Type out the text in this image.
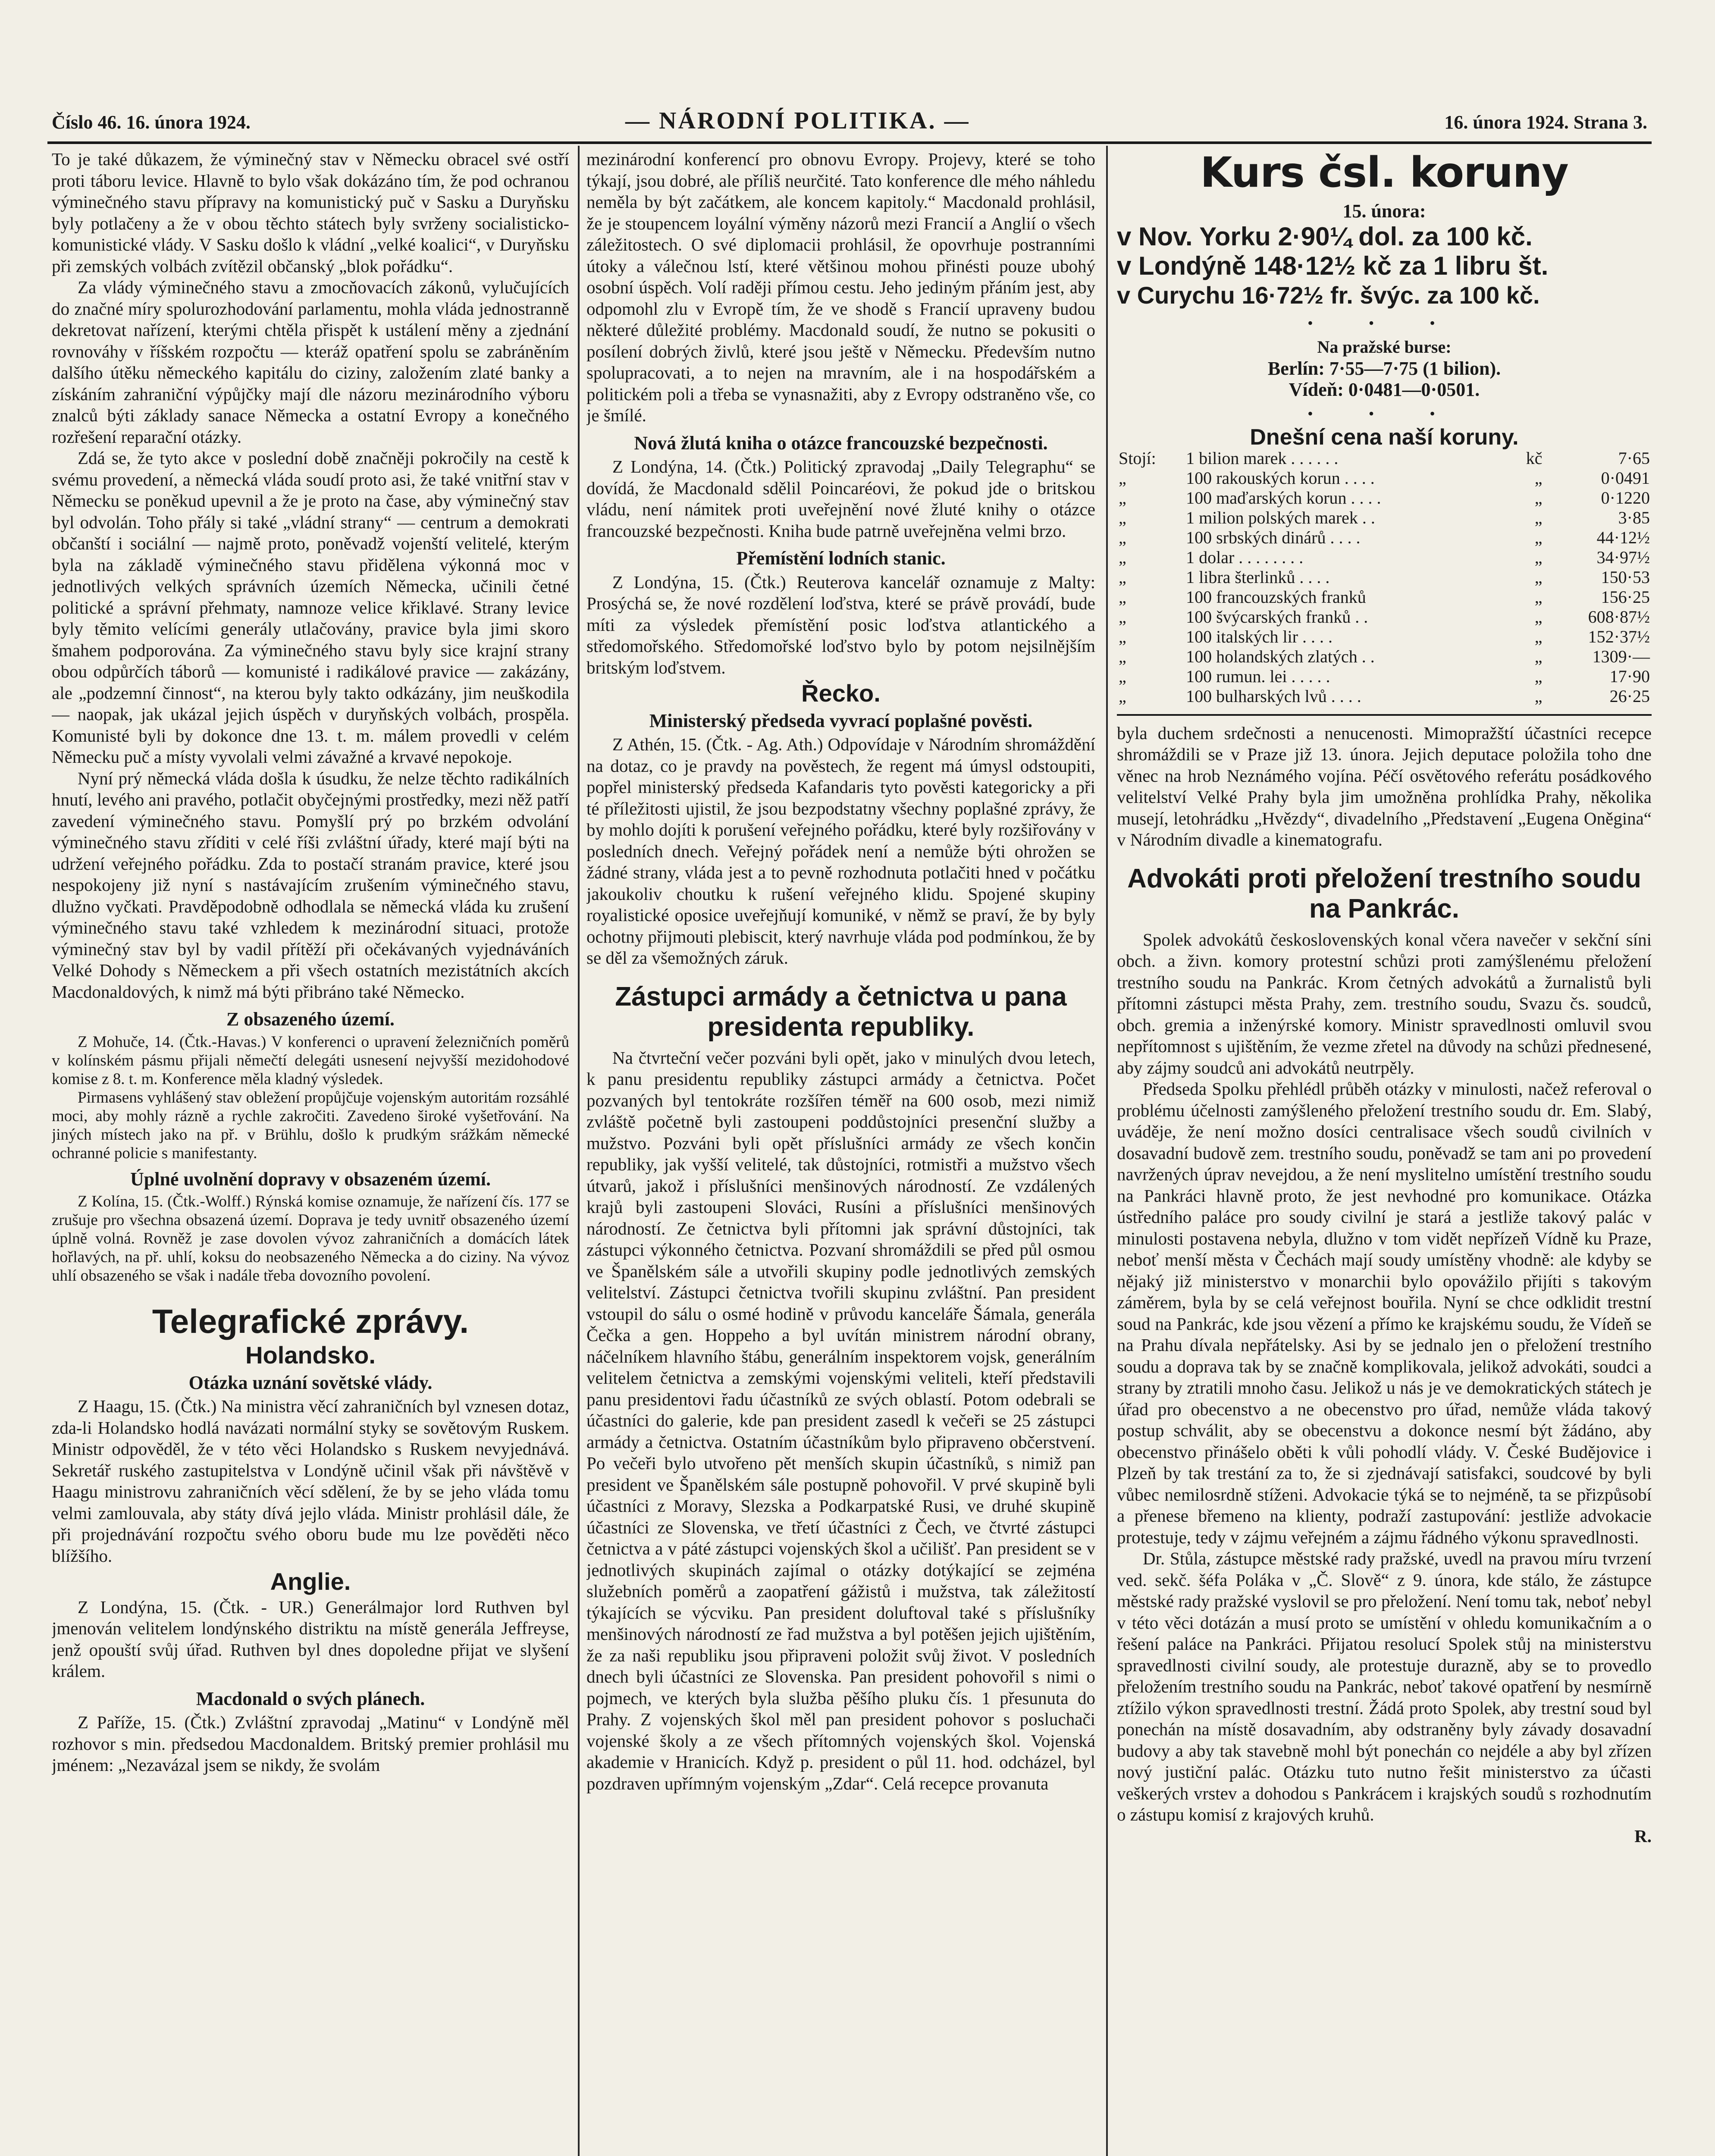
Číslo 46. 16. února 1924.	— NÁRODNÍ POLITIKA. —	16. února 1924. Strana 3.

To je také důkazem, že výminečný stav v Německu obracel své ostří proti táboru levice. Hlavně to bylo však dokázáno tím, že pod ochranou výminečného stavu přípravy na komunistický puč v Sasku a Duryňsku byly potlačeny a že v obou těchto státech byly svrženy socialisticko-komunistické vlády. V Sasku došlo k vládní „velké koalici“, v Duryňsku při zemských volbách zvítězil občanský „blok pořádku“.

Za vlády výminečného stavu a zmocňovacích zákonů, vylučujících do značné míry spolurozhodování parlamentu, mohla vláda jednostranně dekretovat nařízení, kterými chtěla přispět k ustálení měny a zjednání rovnováhy v říšském rozpočtu — kteráž opatření spolu se zabráněním dalšího útěku německého kapitálu do ciziny, založením zlaté banky a získáním zahraniční výpůjčky mají dle názoru mezinárodního výboru znalců býti základy sanace Německa a ostatní Evropy a konečného rozřešení reparační otázky.

Zdá se, že tyto akce v poslední době značněji pokročily na cestě k svému provedení, a německá vláda soudí proto asi, že také vnitřní stav v Německu se poněkud upevnil a že je proto na čase, aby výminečný stav byl odvolán. Toho přály si také „vládní strany“ — centrum a demokrati občanští i sociální — najmě proto, poněvadž vojenští velitelé, kterým byla na základě výminečného stavu přidělena výkonná moc v jednotlivých velkých správních územích Německa, učinili četné politické a správní přehmaty, namnoze velice křiklavé. Strany levice byly těmito velícími generály utlačovány, pravice byla jimi skoro šmahem podporována. Za výminečného stavu byly sice krajní strany obou odpůrčích táborů — komunisté i radikálové pravice — zakázány, ale „podzemní činnost“, na kterou byly takto odkázány, jim neuškodila — naopak, jak ukázal jejich úspěch v duryňských volbách, prospěla. Komunisté byli by dokonce dne 13. t. m. málem provedli v celém Německu puč a místy vyvolali velmi závažné a krvavé nepokoje.

Nyní prý německá vláda došla k úsudku, že nelze těchto radikálních hnutí, levého ani pravého, potlačit obyčejnými prostředky, mezi něž patří zavedení výminečného stavu. Pomyšlí prý po brzkém odvolání výminečného stavu zříditi v celé říši zvláštní úřady, které mají býti na udržení veřejného pořádku. Zda to postačí stranám pravice, které jsou nespokojeny již nyní s nastávajícím zrušením výminečného stavu, dlužno vyčkati. Pravděpodobně odhodlala se německá vláda ku zrušení výminečného stavu také vzhledem k mezinárodní situaci, protože výminečný stav byl by vadil přítěží při očekávaných vyjednáváních Velké Dohody s Německem a při všech ostatních mezistátních akcích Macdonaldových, k nimž má býti přibráno také Německo.

Z obsazeného území.

Z Mohuče, 14. (Čtk.-Havas.) V konferenci o upravení železničních poměrů v kolínském pásmu přijali němečtí delegáti usnesení nejvyšší mezidohodové komise z 8. t. m. Konference měla kladný výsledek.

Pirmasens vyhlášený stav obležení propůjčuje vojenským autoritám rozsáhlé moci, aby mohly rázně a rychle zakročiti. Zavedeno široké vyšetřování. Na jiných místech jako na př. v Brühlu, došlo k prudkým srážkám německé ochranné policie s manifestanty.

Úplné uvolnění dopravy v obsazeném území.

Z Kolína, 15. (Čtk.-Wolff.) Rýnská komise oznamuje, že nařízení čís. 177 se zrušuje pro všechna obsazená území. Doprava je tedy uvnitř obsazeného území úplně volná. Rovněž je zase dovolen vývoz zahraničních a domácích látek hořlavých, na př. uhlí, koksu do neobsazeného Německa a do ciziny. Na vývoz uhlí obsazeného se však i nadále třeba dovozního povolení.

Telegrafické zprávy.
Holandsko.
Otázka uznání sovětské vlády.

Z Haagu, 15. (Čtk.) Na ministra věcí zahraničních byl vznesen dotaz, zda-li Holandsko hodlá navázati normální styky se sovětovým Ruskem. Ministr odpověděl, že v této věci Holandsko s Ruskem nevyjednává. Sekretář ruského zastupitelstva v Londýně učinil však při návštěvě v Haagu ministrovu zahraničních věcí sdělení, že by se jeho vláda tomu velmi zamlouvala, aby státy dívá jejlo vláda. Ministr prohlásil dále, že při projednávání rozpočtu svého oboru bude mu lze pověděti něco blížšího.

Anglie.

Z Londýna, 15. (Čtk. - UR.) Generálmajor lord Ruthven byl jmenován velitelem londýnského distriktu na místě generála Jeffreyse, jenž opouští svůj úřad. Ruthven byl dnes dopoledne přijat ve slyšení králem.

Macdonald o svých plánech.

Z Paříže, 15. (Čtk.) Zvláštní zpravodaj „Matinu“ v Londýně měl rozhovor s min. předsedou Macdonaldem. Britský premier prohlásil mu jménem: „Nezavázal jsem se nikdy, že svolám

mezinárodní konferencí pro obnovu Evropy. Projevy, které se toho týkají, jsou dobré, ale příliš neurčité. Tato konference dle mého náhledu neměla by být začátkem, ale koncem kapitoly.“ Macdonald prohlásil, že je stoupencem loyální výměny názorů mezi Francií a Anglií o všech záležitostech. O své diplomacii prohlásil, že opovrhuje postranními útoky a válečnou lstí, které většinou mohou přinésti pouze ubohý osobní úspěch. Volí raději přímou cestu. Jeho jediným přáním jest, aby odpomohl zlu v Evropě tím, že ve shodě s Francií upraveny budou některé důležité problémy. Macdonald soudí, že nutno se pokusiti o posílení dobrých živlů, které jsou ještě v Německu. Především nutno spolupracovati, a to nejen na mravním, ale i na hospodářském a politickém poli a třeba se vynasnažiti, aby z Evropy odstraněno vše, co je šmílé.

Nová žlutá kniha o otázce francouzské bezpečnosti.

Z Londýna, 14. (Čtk.) Politický zpravodaj „Daily Telegraphu“ se dovídá, že Macdonald sdělil Poincaréovi, že pokud jde o britskou vládu, není námitek proti uveřejnění nové žluté knihy o otázce francouzské bezpečnosti. Kniha bude patrně uveřejněna velmi brzo.

Přemístění lodních stanic.

Z Londýna, 15. (Čtk.) Reuterova kancelář oznamuje z Malty: Prosýchá se, že nové rozdělení loďstva, které se právě provádí, bude míti za výsledek přemístění posic loďstva atlantického a středomořského. Středomořské loďstvo bylo by potom nejsilnějším britským loďstvem.

Řecko.
Ministerský předseda vyvrací poplašné pověsti.

Z Athén, 15. (Čtk. - Ag. Ath.) Odpovídaje v Národním shromáždění na dotaz, co je pravdy na pověstech, že regent má úmysl odstoupiti, popřel ministerský předseda Kafandaris tyto pověsti kategoricky a při té příležitosti ujistil, že jsou bezpodstatny všechny poplašné zprávy, že by mohlo dojíti k porušení veřejného pořádku, které byly rozšiřovány v posledních dnech. Veřejný pořádek není a nemůže býti ohrožen se žádné strany, vláda jest a to pevně rozhodnuta potlačiti hned v počátku jakoukoliv choutku k rušení veřejného klidu. Spojené skupiny royalistické oposice uveřejňují komuniké, v němž se praví, že by byly ochotny přijmouti plebiscit, který navrhuje vláda pod podmínkou, že by se děl za všemožných záruk.

Zástupci armády a četnictva u pana presidenta republiky.

Na čtvrteční večer pozváni byli opět, jako v minulých dvou letech, k panu presidentu republiky zástupci armády a četnictva. Počet pozvaných byl tentokráte rozšířen téměř na 600 osob, mezi nimiž zvláště početně byli zastoupeni poddůstojníci presenční služby a mužstvo. Pozváni byli opět příslušníci armády ze všech končin republiky, jak vyšší velitelé, tak důstojníci, rotmistři a mužstvo všech útvarů, jakož i příslušníci menšinových národností. Ze vzdálených krajů byli zastoupeni Slováci, Rusíni a příslušníci menšinových národností. Ze četnictva byli přítomni jak správní důstojníci, tak zástupci výkonného četnictva. Pozvaní shromáždili se před půl osmou ve Španělském sále a utvořili skupiny podle jednotlivých zemských velitelství. Zástupci četnictva tvořili skupinu zvláštní. Pan president vstoupil do sálu o osmé hodině v průvodu kanceláře Šámala, generála Čečka a gen. Hoppeho a byl uvítán ministrem národní obrany, náčelníkem hlavního štábu, generálním inspektorem vojsk, generálním velitelem četnictva a zemskými vojenskými veliteli, kteří představili panu presidentovi řadu účastníků ze svých oblastí. Potom odebrali se účastníci do galerie, kde pan president zasedl k večeři se 25 zástupci armády a četnictva. Ostatním účastníkům bylo připraveno občerstvení. Po večeři bylo utvořeno pět menších skupin účastníků, s nimiž pan president ve Španělském sále postupně pohovořil. V prvé skupině byli účastníci z Moravy, Slezska a Podkarpatské Rusi, ve druhé skupině účastníci ze Slovenska, ve třetí účastníci z Čech, ve čtvrté zástupci četnictva a v páté zástupci vojenských škol a učilišť. Pan president se v jednotlivých skupinách zajímal o otázky dotýkající se zejména služebních poměrů a zaopatření gážistů i mužstva, tak záležitostí týkajících se výcviku. Pan president doluftoval také s příslušníky menšinových národností ze řad mužstva a byl potěšen jejich ujištěním, že za naši republiku jsou připraveni položit svůj život. V posledních dnech byli účastníci ze Slovenska. Pan president pohovořil s nimi o pojmech, ve kterých byla služba pěšího pluku čís. 1 přesunuta do Prahy. Z vojenských škol měl pan president pohovor s posluchači vojenské školy a ze všech přítomných vojenských škol. Vojenská akademie v Hranicích. Když p. president o půl 11. hod. odcházel, byl pozdraven upřímným vojenským „Zdar“. Celá recepce provanuta

Kurs čsl. koruny
15. února:
v Nov. Yorku 2·90¼ dol. za 100 kč.
v Londýně 148·12½ kč za 1 libru št.
v Curychu 16·72½ fr. švýc. za 100 kč.
• • •
Na pražské burse:
Berlín: 7·55—7·75 (1 bilion).
Vídeň: 0·0481—0·0501.
• • •
Dnešní cena naší koruny.
Stojí:	1 bilion marek . . . . . .	kč	7·65
„	100 rakouských korun . . . .	„	0·0491
„	100 maďarských korun . . . .	„	0·1220
„	1 milion polských marek . .	„	3·85
„	100 srbských dinárů . . . .	„	44·12½
„	1 dolar . . . . . . . .	„	34·97½
„	1 libra šterlinků . . . .	„	150·53
„	100 francouzských franků	„	156·25
„	100 švýcarských franků . .	„	608·87½
„	100 italských lir . . . .	„	152·37½
„	100 holandských zlatých . .	„	1309·—
„	100 rumun. lei . . . . .	„	17·90
„	100 bulharských lvů . . . .	„	26·25

byla duchem srdečnosti a nenucenosti. Mimopražští účastníci recepce shromáždili se v Praze již 13. února. Jejich deputace položila toho dne věnec na hrob Neznámého vojína. Péčí osvětového referátu posádkového velitelství Velké Prahy byla jim umožněna prohlídka Prahy, několika musejí, letohrádku „Hvězdy“, divadelního „Představení „Eugena Oněgina“ v Národním divadle a kinematografu.

Advokáti proti přeložení trestního soudu na Pankrác.

Spolek advokátů československých konal včera navečer v sekční síni obch. a živn. komory protestní schůzi proti zamýšlenému přeložení trestního soudu na Pankrác. Krom četných advokátů a žurnalistů byli přítomni zástupci města Prahy, zem. trestního soudu, Svazu čs. soudců, obch. gremia a inženýrské komory. Ministr spravedlnosti omluvil svou nepřítomnost s ujištěním, že vezme zřetel na důvody na schůzi přednesené, aby zájmy soudců ani advokátů neutrpěly.

Předseda Spolku přehlédl průběh otázky v minulosti, načež referoval o problému účelnosti zamýšleného přeložení trestního soudu dr. Em. Slabý, uváděje, že není možno dosíci centralisace všech soudů civilních v dosavadní budově zem. trestního soudu, poněvadž se tam ani po provedení navržených úprav nevejdou, a že není myslitelno umístění trestního soudu na Pankráci hlavně proto, že jest nevhodné pro komunikace. Otázka ústředního paláce pro soudy civilní je stará a jestliže takový palác v minulosti postavena nebyla, dlužno v tom vidět nepřízeň Vídně ku Praze, neboť menší města v Čechách mají soudy umístěny vhodně: ale kdyby se nějaký již ministerstvo v monarchii bylo opovážilo přijíti s takovým záměrem, byla by se celá veřejnost bouřila. Nyní se chce odklidit trestní soud na Pankrác, kde jsou vězení a přímo ke krajskému soudu, že Vídeň se na Prahu dívala nepřátelsky. Asi by se jednalo jen o přeložení trestního soudu a doprava tak by se značně komplikovala, jelikož advokáti, soudci a strany by ztratili mnoho času. Jelikož u nás je ve demokratických státech je úřad pro obecenstvo a ne obecenstvo pro úřad, nemůže vláda takový postup schválit, aby se obecenstvu a dokonce nesmí být žádáno, aby obecenstvo přinášelo oběti k vůli pohodlí vlády. V. České Budějovice i Plzeň by tak trestání za to, že si zjednávají satisfakci, soudcové by byli vůbec nemilosrdně stíženi. Advokacie týká se to nejméně, ta se přizpůsobí a přenese břemeno na klienty, podraží zastupování: jestliže advokacie protestuje, tedy v zájmu veřejném a zájmu řádného výkonu spravedlnosti.

Dr. Stůla, zástupce městské rady pražské, uvedl na pravou míru tvrzení ved. sekč. šéfa Poláka v „Č. Slově“ z 9. února, kde stálo, že zástupce městské rady pražské vyslovil se pro přeložení. Není tomu tak, neboť nebyl v této věci dotázán a musí proto se umístění v ohledu komunikačním a o řešení paláce na Pankráci. Přijatou resolucí Spolek stůj na ministerstvu spravedlnosti civilní soudy, ale protestuje durazně, aby se to provedlo přeložením trestního soudu na Pankrác, neboť takové opatření by nesmírně ztížilo výkon spravedlnosti trestní. Žádá proto Spolek, aby trestní soud byl ponechán na místě dosavadním, aby odstraněny byly závady dosavadní budovy a aby tak stavebně mohl být ponechán co nejdéle a aby byl zřízen nový justiční palác. Otázku tuto nutno řešit ministerstvo za účasti veškerých vrstev a dohodou s Pankrácem i krajských soudů s rozhodnutím o zástupu komisí z krajových kruhů.

R.
